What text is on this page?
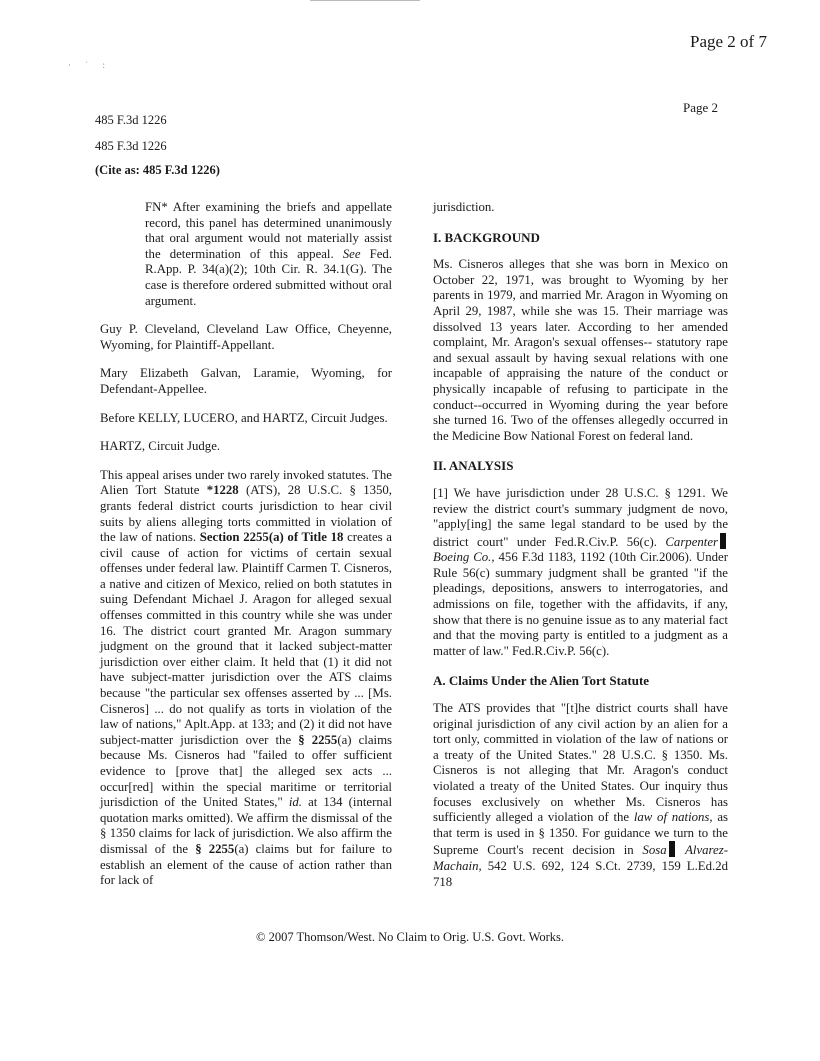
· ˙ :
Page 2 of 7
Page 2
485 F.3d 1226
485 F.3d 1226
(Cite as: 485 F.3d 1226)

FN* After examining the briefs and appellate record, this panel has determined unanimously that oral argument would not materially assist the determination of this appeal. See Fed. R.App. P. 34(a)(2); 10th Cir. R. 34.1(G). The case is therefore ordered submitted without oral argument.

Guy P. Cleveland, Cleveland Law Office, Cheyenne, Wyoming, for Plaintiff-Appellant.

Mary Elizabeth Galvan, Laramie, Wyoming, for Defendant-Appellee.

Before KELLY, LUCERO, and HARTZ, Circuit Judges.

HARTZ, Circuit Judge.

This appeal arises under two rarely invoked statutes. The Alien Tort Statute *1228 (ATS), 28 U.S.C. § 1350, grants federal district courts jurisdiction to hear civil suits by aliens alleging torts committed in violation of the law of nations. Section 2255(a) of Title 18 creates a civil cause of action for victims of certain sexual offenses under federal law. Plaintiff Carmen T. Cisneros, a native and citizen of Mexico, relied on both statutes in suing Defendant Michael J. Aragon for alleged sexual offenses committed in this country while she was under 16. The district court granted Mr. Aragon summary judgment on the ground that it lacked subject-matter jurisdiction over either claim. It held that (1) it did not have subject-matter jurisdiction over the ATS claims because "the particular sex offenses asserted by ... [Ms. Cisneros] ... do not qualify as torts in violation of the law of nations," Aplt.App. at 133; and (2) it did not have subject-matter jurisdiction over the § 2255(a) claims because Ms. Cisneros had "failed to offer sufficient evidence to [prove that] the alleged sex acts ... occur[red] within the special maritime or territorial jurisdiction of the United States," id. at 134 (internal quotation marks omitted). We affirm the dismissal of the § 1350 claims for lack of jurisdiction. We also affirm the dismissal of the § 2255(a) claims but for failure to establish an element of the cause of action rather than for lack of

jurisdiction.

I. BACKGROUND

Ms. Cisneros alleges that she was born in Mexico on October 22, 1971, was brought to Wyoming by her parents in 1979, and married Mr. Aragon in Wyoming on April 29, 1987, while she was 15. Their marriage was dissolved 13 years later. According to her amended complaint, Mr. Aragon's sexual offenses-- statutory rape and sexual assault by having sexual relations with one incapable of appraising the nature of the conduct or physically incapable of refusing to participate in the conduct--occurred in Wyoming during the year before she turned 16. Two of the offenses allegedly occurred in the Medicine Bow National Forest on federal land.

II. ANALYSIS

[1] We have jurisdiction under 28 U.S.C. § 1291. We review the district court's summary judgment de novo, "apply[ing] the same legal standard to be used by the district court" under Fed.R.Civ.P. 56(c). Carpenter Boeing Co., 456 F.3d 1183, 1192 (10th Cir.2006). Under Rule 56(c) summary judgment shall be granted "if the pleadings, depositions, answers to interrogatories, and admissions on file, together with the affidavits, if any, show that there is no genuine issue as to any material fact and that the moving party is entitled to a judgment as a matter of law." Fed.R.Civ.P. 56(c).

A. Claims Under the Alien Tort Statute

The ATS provides that "[t]he district courts shall have original jurisdiction of any civil action by an alien for a tort only, committed in violation of the law of nations or a treaty of the United States." 28 U.S.C. § 1350. Ms. Cisneros is not alleging that Mr. Aragon's conduct violated a treaty of the United States. Our inquiry thus focuses exclusively on whether Ms. Cisneros has sufficiently alleged a violation of the law of nations, as that term is used in § 1350. For guidance we turn to the Supreme Court's recent decision in Sosa Alvarez-Machain, 542 U.S. 692, 124 S.Ct. 2739, 159 L.Ed.2d 718

© 2007 Thomson/West. No Claim to Orig. U.S. Govt. Works.
